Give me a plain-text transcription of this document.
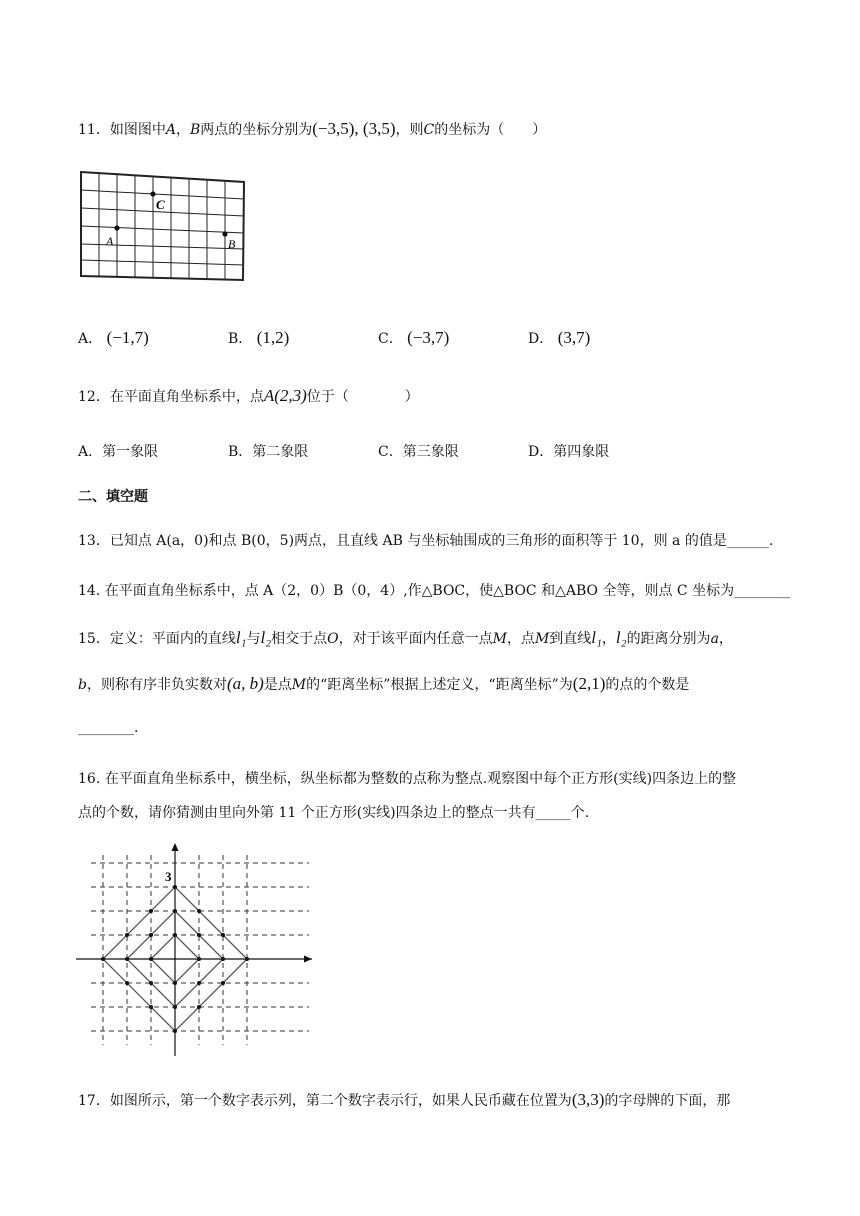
11．如图图中A，B两点的坐标分别为(−3,5), (3,5)，则C的坐标为（　　）
C
A	B
A． (−1,7)	B． (1,2)	C． (−3,7)	D． (3,7)
12．在平面直角坐标系中，点A(2,3)位于（　　　　）
A．第一象限	B．第二象限	C．第三象限	D．第四象限
二、填空题
13．已知点 A(a，0)和点 B(0，5)两点，且直线 AB 与坐标轴围成的三角形的面积等于 10，则 a 的值是______.
14. 在平面直角坐标系中，点 A（2，0）B（0，4）,作△BOC，使△BOC 和△ABO 全等，则点 C 坐标为________
15．定义：平面内的直线l₁与l₂相交于点O，对于该平面内任意一点M，点M到直线l₁，l₂的距离分别为a，
b，则称有序非负实数对(a, b)是点M的“距离坐标”根据上述定义，“距离坐标”为(2,1)的点的个数是
________.
16. 在平面直角坐标系中，横坐标，纵坐标都为整数的点称为整点.观察图中每个正方形(实线)四条边上的整
点的个数，请你猜测由里向外第 11 个正方形(实线)四条边上的整点一共有_____个.
3
17．如图所示，第一个数字表示列，第二个数字表示行，如果人民币藏在位置为(3,3)的字母牌的下面，那
